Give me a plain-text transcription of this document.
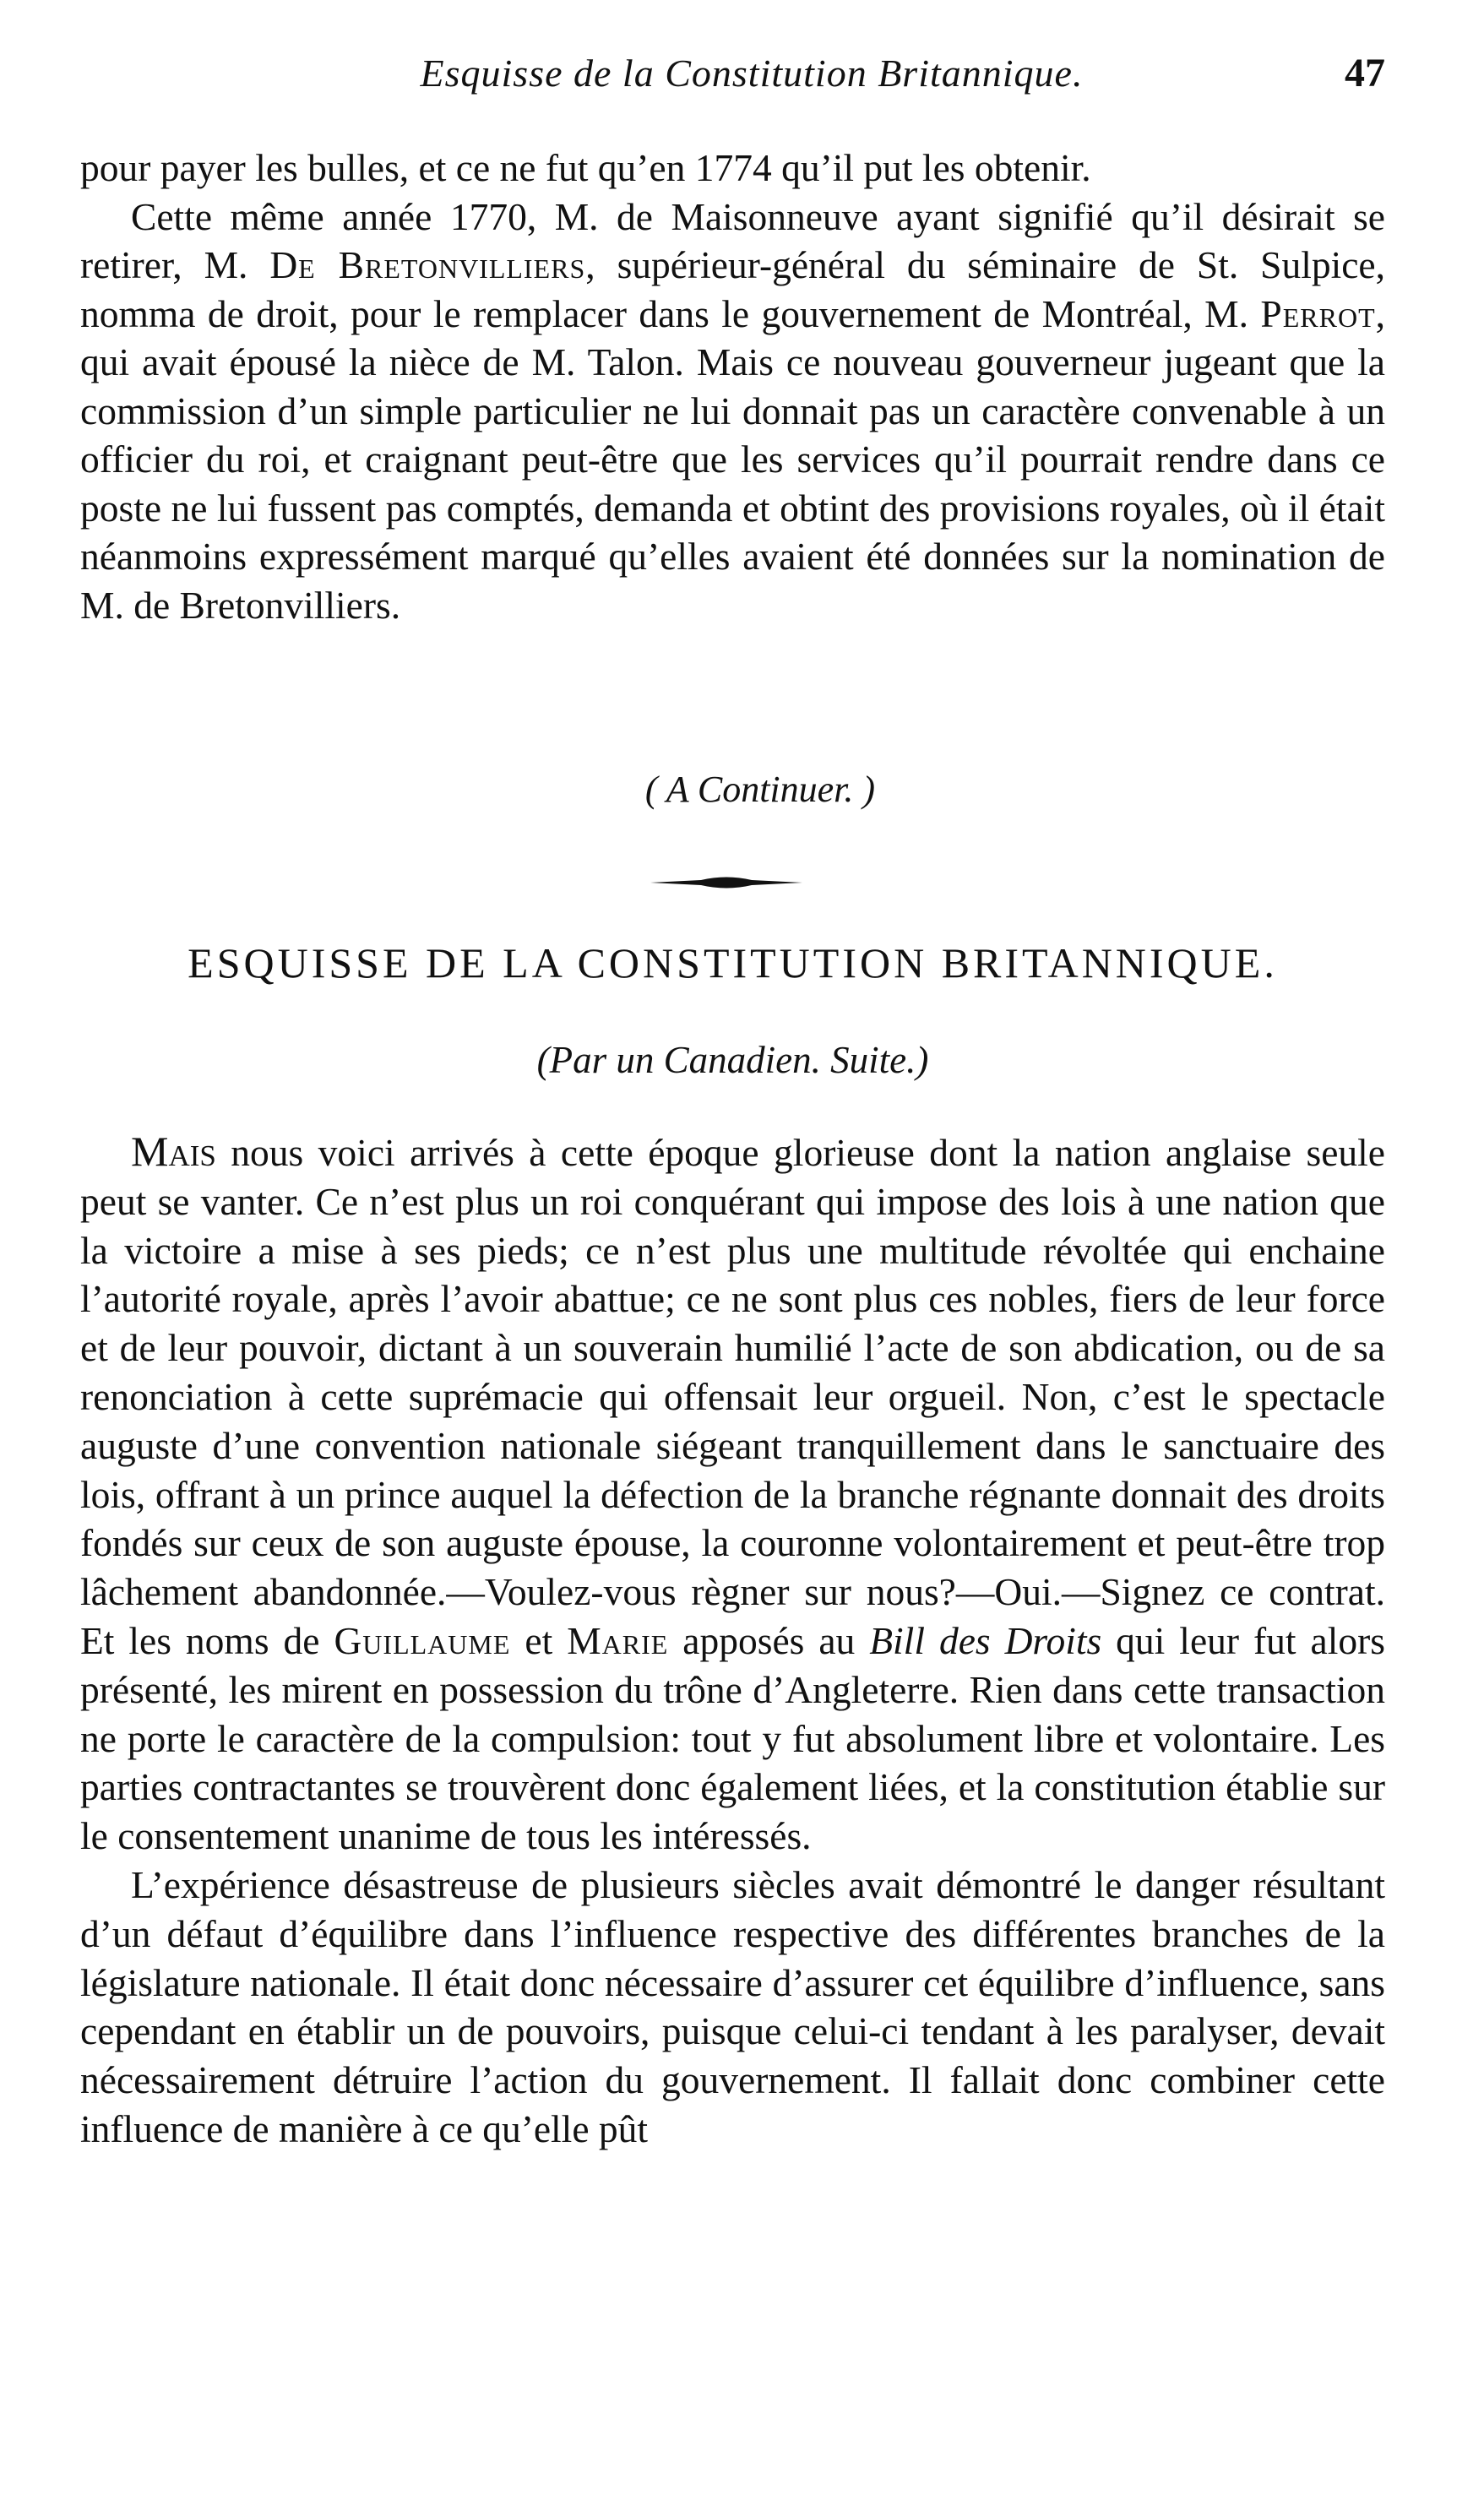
Esquisse de la Constitution Britannique.	47

pour payer les bulles, et ce ne fut qu’en 1774 qu’il put les obtenir.

Cette même année 1770, M. de Maisonneuve ayant signifié qu’il désirait se retirer, M. De Bretonvilliers, supérieur-général du séminaire de St. Sulpice, nomma de droit, pour le remplacer dans le gouvernement de Montréal, M. Perrot, qui avait épousé la nièce de M. Talon. Mais ce nouveau gouverneur jugeant que la commission d’un simple particulier ne lui donnait pas un caractère convenable à un officier du roi, et craignant peut-être que les services qu’il pourrait rendre dans ce poste ne lui fussent pas comptés, demanda et obtint des provisions royales, où il était néanmoins expressément marqué qu’elles avaient été données sur la nomination de M. de Bretonvilliers.

( A Continuer. )
ESQUISSE DE LA CONSTITUTION BRITANNIQUE.
(Par un Canadien. Suite.)

Mais nous voici arrivés à cette époque glorieuse dont la nation anglaise seule peut se vanter. Ce n’est plus un roi conquérant qui impose des lois à une nation que la victoire a mise à ses pieds; ce n’est plus une multitude révoltée qui enchaine l’autorité royale, après l’avoir abattue; ce ne sont plus ces nobles, fiers de leur force et de leur pouvoir, dictant à un souverain humilié l’acte de son abdication, ou de sa renonciation à cette suprémacie qui offensait leur orgueil. Non, c’est le spectacle auguste d’une convention nationale siégeant tranquillement dans le sanctuaire des lois, offrant à un prince auquel la défection de la branche régnante donnait des droits fondés sur ceux de son auguste épouse, la couronne volontairement et peut-être trop lâchement abandonnée.—Voulez-vous règner sur nous?—Oui.—Signez ce contrat. Et les noms de Guillaume et Marie apposés au Bill des Droits qui leur fut alors présenté, les mirent en possession du trône d’Angleterre. Rien dans cette transaction ne porte le caractère de la compulsion: tout y fut absolument libre et volontaire. Les parties contractantes se trouvèrent donc également liées, et la constitution établie sur le consentement unanime de tous les intéressés.

L’expérience désastreuse de plusieurs siècles avait démontré le danger résultant d’un défaut d’équilibre dans l’influence respective des différentes branches de la législature nationale. Il était donc nécessaire d’assurer cet équilibre d’influence, sans cependant en établir un de pouvoirs, puisque celui-ci tendant à les paralyser, devait nécessairement détruire l’action du gouvernement. Il fallait donc combiner cette influence de manière à ce qu’elle pût
